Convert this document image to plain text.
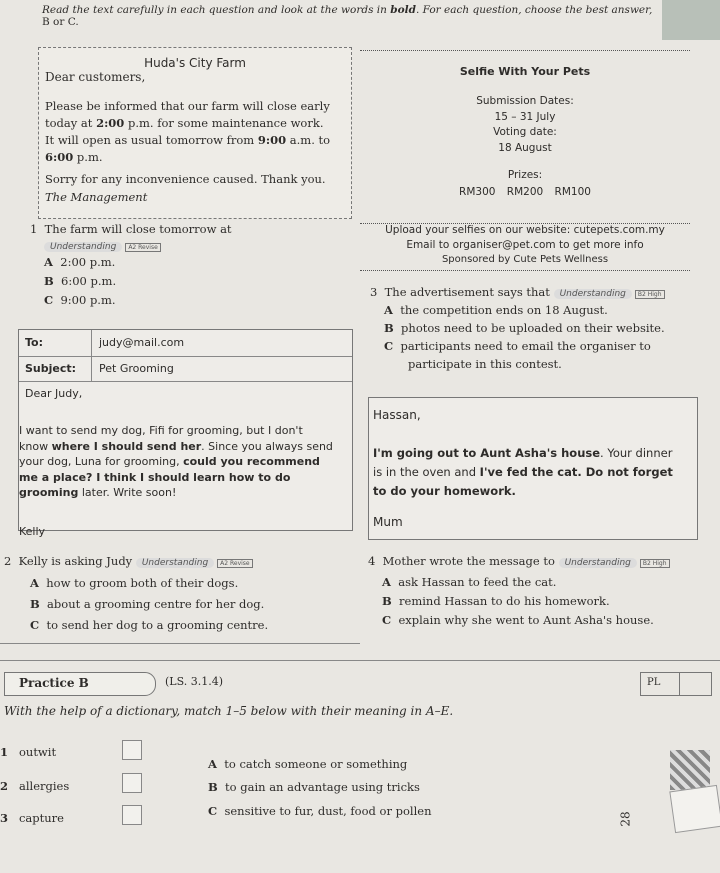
Read the text carefully in each question and look at the words in bold. For each question, choose the best answer,
B or C.
Huda's City Farm
Dear customers,
Please be informed that our farm will close early
today at 2:00 p.m. for some maintenance work.
It will open as usual tomorrow from 9:00 a.m. to
6:00 p.m.
Sorry for any inconvenience caused. Thank you.
The Management
Selfie With Your Pets
Submission Dates:
15 – 31 July
Voting date:
18 August
Prizes:
RM300 RM200 RM100
Upload your selfies on our website: cutepets.com.my
Email to organiser@pet.com to get more info
Sponsored by Cute Pets Wellness
1 The farm will close tomorrow at
Understanding A2 Revise
A 2:00 p.m.
B 6:00 p.m.
C 9:00 p.m.
3 The advertisement says that Understanding B2 High
A the competition ends on 18 August.
B photos need to be uploaded on their website.
C participants need to email the organiser to
participate in this contest.
To:	judy@mail.com
Subject: Pet Grooming
Dear Judy,
I want to send my dog, Fifi for grooming, but I don't
know where I should send her. Since you always send
your dog, Luna for grooming, could you recommend
me a place? I think I should learn how to do
grooming later. Write soon!
Kelly
Hassan,
I'm going out to Aunt Asha's house. Your dinner
is in the oven and I've fed the cat. Do not forget
to do your homework.
Mum
2 Kelly is asking Judy Understanding A2 Revise
A how to groom both of their dogs.
B about a grooming centre for her dog.
C to send her dog to a grooming centre.
4 Mother wrote the message to Understanding B2 High
A ask Hassan to feed the cat.
B remind Hassan to do his homework.
C explain why she went to Aunt Asha's house.
Practice B	(LS. 3.1.4)	PL
With the help of a dictionary, match 1–5 below with their meaning in A–E.
1 outwit
2 allergies
3 capture
A to catch someone or something
B to gain an advantage using tricks
C sensitive to fur, dust, food or pollen
28
